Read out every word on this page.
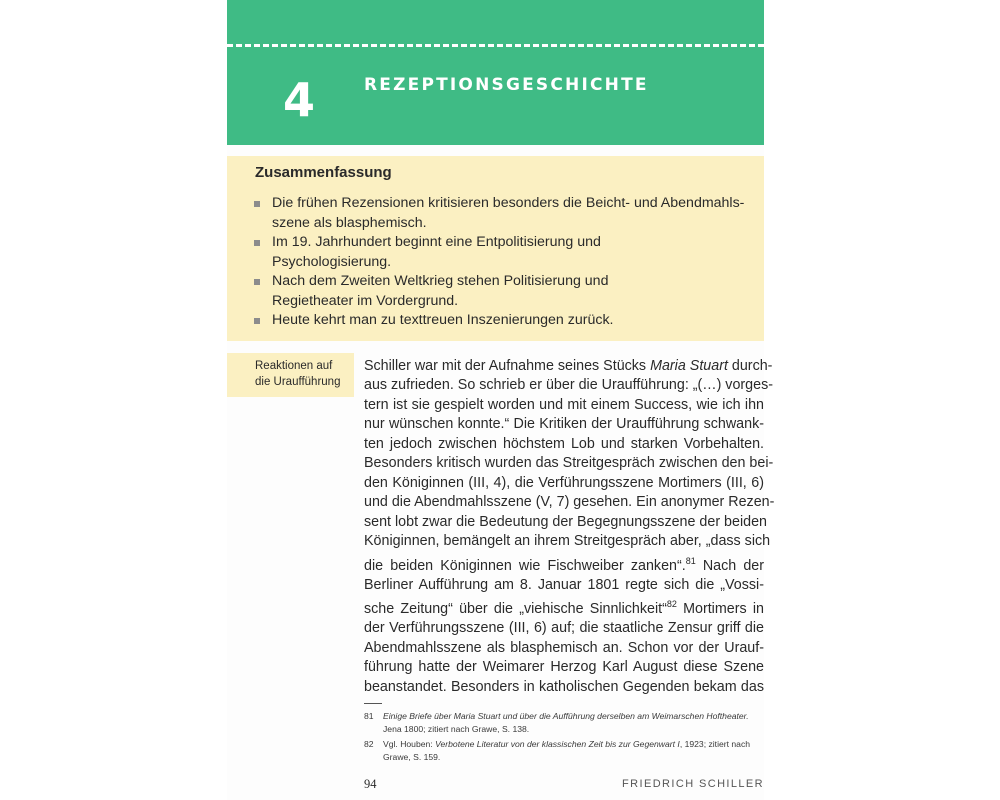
4	REZEPTIONSGESCHICHTE
Zusammenfassung
Die frühen Rezensionen kritisieren besonders die Beicht- und Abendmahls-
szene als blasphemisch.
Im 19. Jahrhundert beginnt eine Entpolitisierung und
Psychologisierung.
Nach dem Zweiten Weltkrieg stehen Politisierung und
Regietheater im Vordergrund.
Heute kehrt man zu texttreuen Inszenierungen zurück.
Reaktionen auf
die Uraufführung
Schiller war mit der Aufnahme seines Stücks Maria Stuart durch-
aus zufrieden. So schrieb er über die Uraufführung: „(…) vorges-
tern ist sie gespielt worden und mit einem Success, wie ich ihn
nur wünschen konnte.“ Die Kritiken der Uraufführung schwank-
ten jedoch zwischen höchstem Lob und starken Vorbehalten.
Besonders kritisch wurden das Streitgespräch zwischen den bei-
den Königinnen (III, 4), die Verführungsszene Mortimers (III, 6)
und die Abendmahlsszene (V, 7) gesehen. Ein anonymer Rezen-
sent lobt zwar die Bedeutung der Begegnungsszene der beiden
Königinnen, bemängelt an ihrem Streitgespräch aber, „dass sich
die beiden Königinnen wie Fischweiber zanken“.$^{81}$ Nach der
Berliner Aufführung am 8. Januar 1801 regte sich die „Vossi-
sche Zeitung“ über die „viehische Sinnlichkeit“$^{82}$ Mortimers in
der Verführungsszene (III, 6) auf; die staatliche Zensur griff die
Abendmahlsszene als blasphemisch an. Schon vor der Urauf-
führung hatte der Weimarer Herzog Karl August diese Szene
beanstandet. Besonders in katholischen Gegenden bekam das
81 Einige Briefe über Maria Stuart und über die Aufführung derselben am Weimarschen Hoftheater. Jena 1800; zitiert nach Grawe, S. 138.
82 Vgl. Houben: Verbotene Literatur von der klassischen Zeit bis zur Gegenwart I, 1923; zitiert nach Grawe, S. 159.
94	FRIEDRICH SCHILLER
